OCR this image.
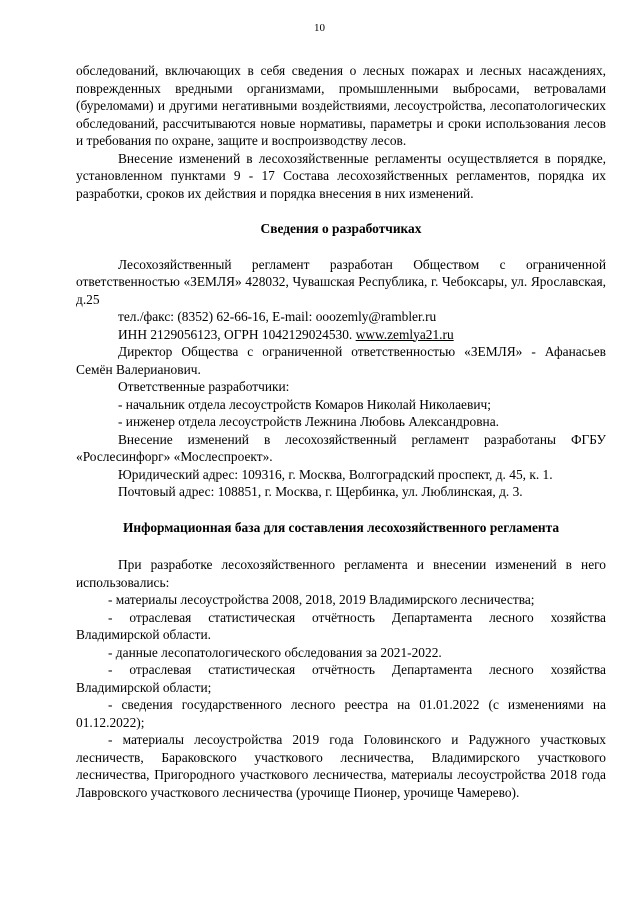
10

обследований, включающих в себя сведения о лесных пожарах и лесных насаждениях, поврежденных вредными организмами, промышленными выбросами, ветровалами (буреломами) и другими негативными воздействиями, лесоустройства, лесопатологических обследований, рассчитываются новые нормативы, параметры и сроки использования лесов и требования по охране, защите и воспроизводству лесов.

Внесение изменений в лесохозяйственные регламенты осуществляется в порядке, установленном пунктами 9 - 17 Состава лесохозяйственных регламентов, порядка их разработки, сроков их действия и порядка внесения в них изменений.

Сведения о разработчиках

Лесохозяйственный регламент разработан Обществом с ограниченной ответственностью «ЗЕМЛЯ» 428032, Чувашская Республика, г. Чебоксары, ул. Ярославская, д.25

тел./факс: (8352) 62-66-16, E-mail: ooozemly@rambler.ru

ИНН 2129056123, ОГРН 1042129024530. www.zemlya21.ru

Директор Общества с ограниченной ответственностью «ЗЕМЛЯ» - Афанасьев Семён Валерианович.

Ответственные разработчики:

- начальник отдела лесоустройств Комаров Николай Николаевич;

- инженер отдела лесоустройств Лежнина Любовь Александровна.

Внесение изменений в лесохозяйственный регламент разработаны ФГБУ «Рослесинфорг» «Мослеспроект».

Юридический адрес: 109316, г. Москва, Волгоградский проспект, д. 45, к. 1.

Почтовый адрес: 108851, г. Москва, г. Щербинка, ул. Люблинская, д. 3.

Информационная база для составления лесохозяйственного регламента

При разработке лесохозяйственного регламента и внесении изменений в него использовались:

- материалы лесоустройства 2008, 2018, 2019 Владимирского лесничества;

- отраслевая статистическая отчётность Департамента лесного хозяйства Владимирской области.

- данные лесопатологического обследования за 2021-2022.

- отраслевая статистическая отчётность Департамента лесного хозяйства Владимирской области;

- сведения государственного лесного реестра на 01.01.2022 (с изменениями на 01.12.2022);

- материалы лесоустройства 2019 года Головинского и Радужного участковых лесничеств, Бараковского участкового лесничества, Владимирского участкового лесничества, Пригородного участкового лесничества, материалы лесоустройства 2018 года Лавровского участкового лесничества (урочище Пионер, урочище Чамерево).
